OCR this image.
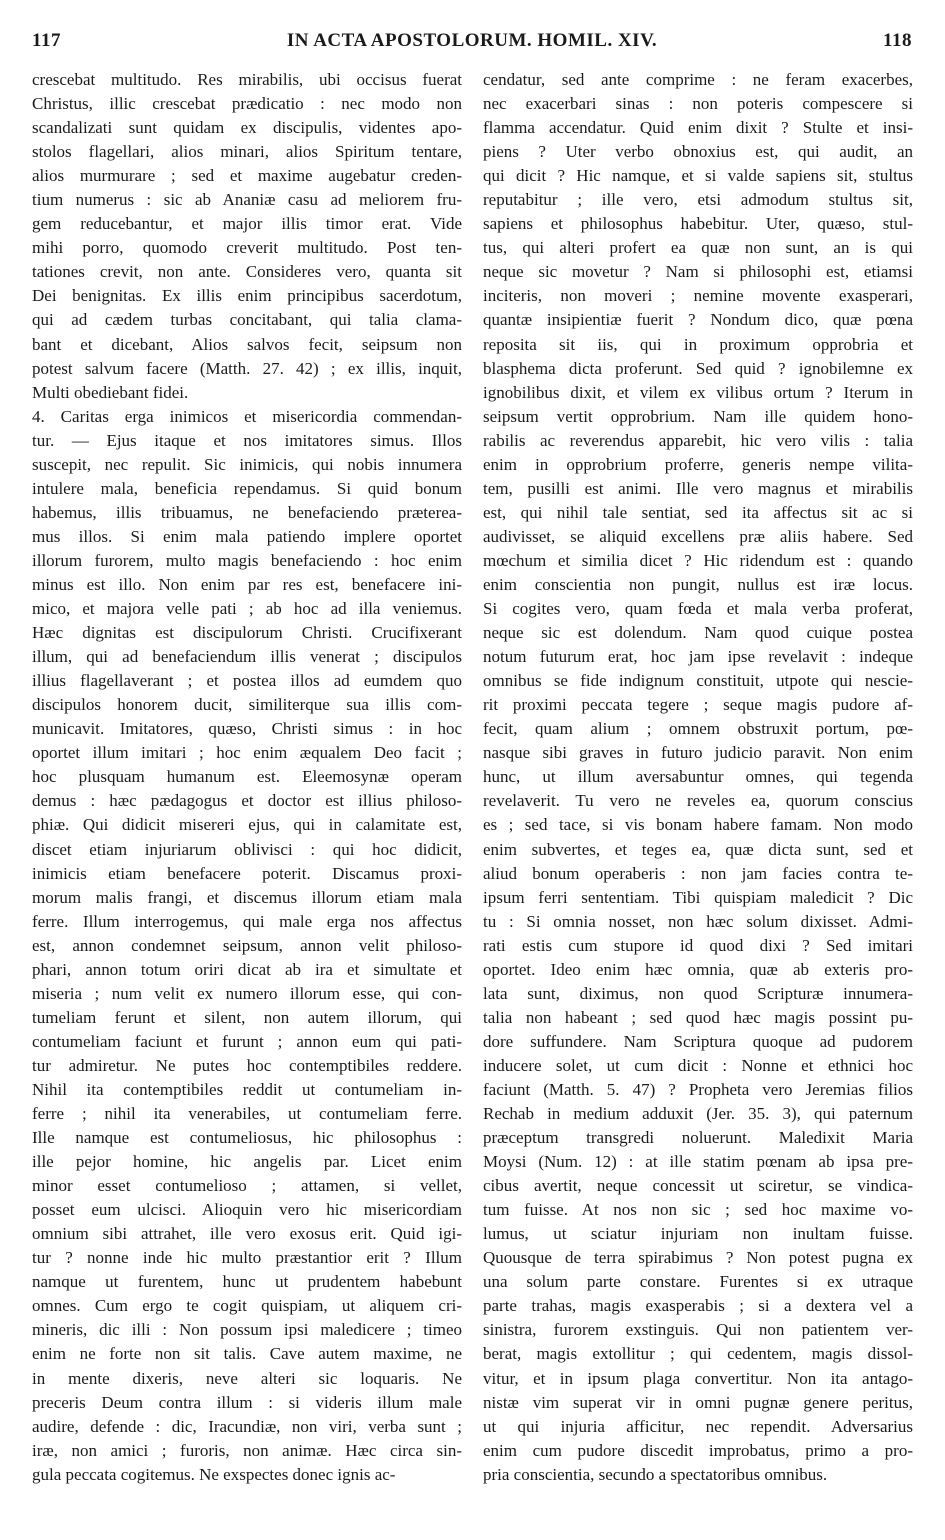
117	IN ACTA APOSTOLORUM. HOMIL. XIV.	118
crescebat multitudo. Res mirabilis, ubi occisus fuerat
Christus, illic crescebat prædicatio : nec modo non
scandalizati sunt quidam ex discipulis, videntes apo-
stolos flagellari, alios minari, alios Spiritum tentare,
alios murmurare ; sed et maxime augebatur creden-
tium numerus : sic ab Ananiæ casu ad meliorem fru-
gem reducebantur, et major illis timor erat. Vide
mihi porro, quomodo creverit multitudo. Post ten-
tationes crevit, non ante. Consideres vero, quanta sit
Dei benignitas. Ex illis enim principibus sacerdotum,
qui ad cædem turbas concitabant, qui talia clama-
bant et dicebant, Alios salvos fecit, seipsum non
potest salvum facere (Matth. 27. 42) ; ex illis, inquit,
Multi obediebant fidei.
4. Caritas erga inimicos et misericordia commendan-
tur. — Ejus itaque et nos imitatores simus. Illos
suscepit, nec repulit. Sic inimicis, qui nobis innumera
intulere mala, beneficia rependamus. Si quid bonum
habemus, illis tribuamus, ne benefaciendo prætereа-
mus illos. Si enim mala patiendo implere oportet
illorum furorem, multo magis benefaciendo : hoc enim
minus est illo. Non enim par res est, benefacere ini-
mico, et majora velle pati ; ab hoc ad illa veniemus.
Hæc dignitas est discipulorum Christi. Crucifixerant
illum, qui ad benefaciendum illis venerat ; discipulos
illius flagellaverant ; et postea illos ad eumdem quo
discipulos honorem ducit, similiterque sua illis com-
municavit. Imitatores, quæso, Christi simus : in hoc
oportet illum imitari ; hoc enim æqualem Deo facit ;
hoc plusquam humanum est. Eleemosynæ operam
demus : hæc pædagogus et doctor est illius philoso-
phiæ. Qui didicit misereri ejus, qui in calamitate est,
discet etiam injuriarum oblivisci : qui hoc didicit,
inimicis etiam benefacere poterit. Discamus proxi-
morum malis frangi, et discemus illorum etiam mala
ferre. Illum interrogemus, qui male erga nos affectus
est, annon condemnet seipsum, annon velit philoso-
phari, annon totum oriri dicat ab ira et simultate et
miseria ; num velit ex numero illorum esse, qui con-
tumeliam ferunt et silent, non autem illorum, qui
contumeliam faciunt et furunt ; annon eum qui pati-
tur admiretur. Ne putes hoc contemptibiles reddere.
Nihil ita contemptibiles reddit ut contumeliam in-
ferre ; nihil ita venerabiles, ut contumeliam ferre.
Ille namque est contumeliosus, hic philosophus :
ille pejor homine, hic angelis par. Licet enim
minor esset contumelioso ; attamen, si vellet,
posset eum ulcisci. Alioquin vero hic misericordiam
omnium sibi attrahet, ille vero exosus erit. Quid igi-
tur ? nonne inde hic multo præstantior erit ? Illum
namque ut furentem, hunc ut prudentem habebunt
omnes. Cum ergo te cogit quispiam, ut aliquem cri-
mineris, dic illi : Non possum ipsi maledicere ; timeo
enim ne forte non sit talis. Cave autem maxime, ne
in mente dixeris, neve alteri sic loquaris. Ne
preceris Deum contra illum : si videris illum male
audire, defende : dic, Iracundiæ, non viri, verba sunt ;
iræ, non amici ; furoris, non animæ. Hæc circa sin-
gula peccata cogitemus. Ne exspectes donec ignis ac-
cendatur, sed ante comprime : ne feram exacerbes,
nec exacerbari sinas : non poteris compescere si
flamma accendatur. Quid enim dixit ? Stulte et insi-
piens ? Uter verbo obnoxius est, qui audit, an
qui dicit ? Hic namque, et si valde sapiens sit, stultus
reputabitur ; ille vero, etsi admodum stultus sit,
sapiens et philosophus habebitur. Uter, quæso, stul-
tus, qui alteri profert ea quæ non sunt, an is qui
neque sic movetur ? Nam si philosophi est, etiamsi
inciteris, non moveri ; nemine movente exasperari,
quantæ insipientiæ fuerit ? Nondum dico, quæ pœna
reposita sit iis, qui in proximum opprobria et
blasphema dicta proferunt. Sed quid ? ignobilemne ex
ignobilibus dixit, et vilem ex vilibus ortum ? Iterum in
seipsum vertit opprobrium. Nam ille quidem hono-
rabilis ac reverendus apparebit, hic vero vilis : talia
enim in opprobrium proferre, generis nempe vilita-
tem, pusilli est animi. Ille vero magnus et mirabilis
est, qui nihil tale sentiat, sed ita affectus sit ac si
audivisset, se aliquid excellens præ aliis habere. Sed
mœchum et similia dicet ? Hic ridendum est : quando
enim conscientia non pungit, nullus est iræ locus.
Si cogites vero, quam fœda et mala verba proferat,
neque sic est dolendum. Nam quod cuique postea
notum futurum erat, hoc jam ipse revelavit : indeque
omnibus se fide indignum constituit, utpote qui nescie-
rit proximi peccata tegere ; seque magis pudore af-
fecit, quam alium ; omnem obstruxit portum, pœ-
nasque sibi graves in futuro judicio paravit. Non enim
hunc, ut illum aversabuntur omnes, qui tegenda
revelaverit. Tu vero ne reveles ea, quorum conscius
es ; sed tace, si vis bonam habere famam. Non modo
enim subvertes, et teges ea, quæ dicta sunt, sed et
aliud bonum operaberis : non jam facies contra te-
ipsum ferri sententiam. Tibi quispiam maledicit ? Dic
tu : Si omnia nosset, non hæc solum dixisset. Admi-
rati estis cum stupore id quod dixi ? Sed imitari
oportet. Ideo enim hæc omnia, quæ ab exteris pro-
lata sunt, diximus, non quod Scripturæ innumera-
talia non habeant ; sed quod hæc magis possint pu-
dore suffundere. Nam Scriptura quoque ad pudorem
inducere solet, ut cum dicit : Nonne et ethnici hoc
faciunt (Matth. 5. 47) ? Propheta vero Jeremias filios
Rechab in medium adduxit (Jer. 35. 3), qui paternum
præceptum transgredi noluerunt. Maledixit Maria
Moysi (Num. 12) : at ille statim pœnam ab ipsa pre-
cibus avertit, neque concessit ut sciretur, se vindica-
tum fuisse. At nos non sic ; sed hoc maxime vo-
lumus, ut sciatur injuriam non inultam fuisse.
Quousque de terra spirabimus ? Non potest pugna ex
una solum parte constare. Furentes si ex utraque
parte trahas, magis exasperabis ; si a dextera vel a
sinistra, furorem exstinguis. Qui non patientem ver-
berat, magis extollitur ; qui cedentem, magis dissol-
vitur, et in ipsum plaga convertitur. Non ita antago-
nistæ vim superat vir in omni pugnæ genere peritus,
ut qui injuria afficitur, nec rependit. Adversarius
enim cum pudore discedit improbatus, primo a pro-
pria conscientia, secundo a spectatoribus omnibus.
